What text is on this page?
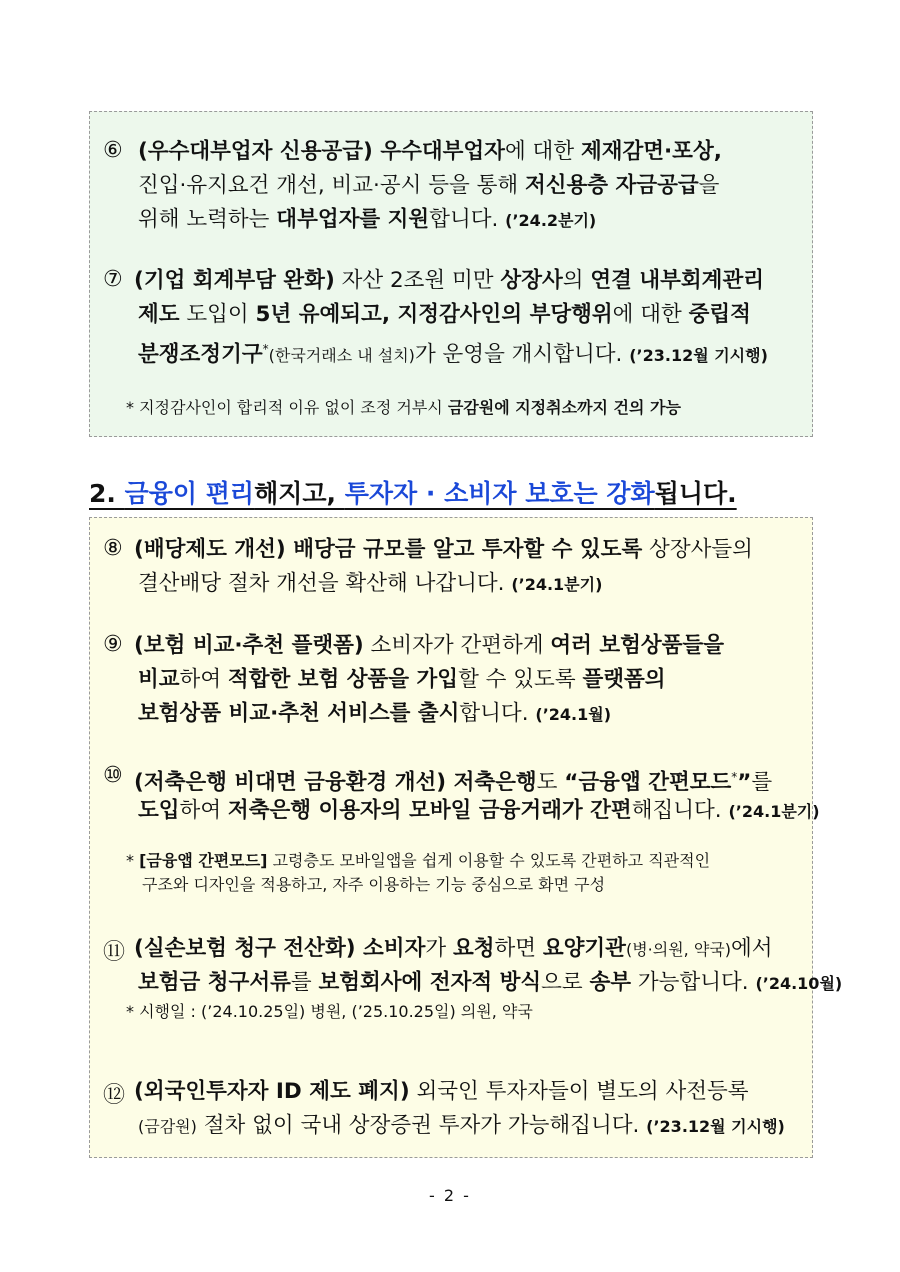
⑥ (우수대부업자 신용공급) 우수대부업자에 대한 제재감면·포상,
진입·유지요건 개선, 비교·공시 등을 통해 저신용층 자금공급을
위해 노력하는 대부업자를 지원합니다. (’24.2분기)
⑦ (기업 회계부담 완화) 자산 2조원 미만 상장사의 연결 내부회계관리
제도 도입이 5년 유예되고, 지정감사인의 부당행위에 대한 중립적
분쟁조정기구*(한국거래소 내 설치)가 운영을 개시합니다. (’23.12월 기시행)
* 지정감사인이 합리적 이유 없이 조정 거부시 금감원에 지정취소까지 건의 가능
2. 금융이 편리해지고, 투자자 · 소비자 보호는 강화됩니다.
⑧ (배당제도 개선) 배당금 규모를 알고 투자할 수 있도록 상장사들의
결산배당 절차 개선을 확산해 나갑니다. (’24.1분기)
⑨ (보험 비교·추천 플랫폼) 소비자가 간편하게 여러 보험상품들을
비교하여 적합한 보험 상품을 가입할 수 있도록 플랫폼의
보험상품 비교·추천 서비스를 출시합니다. (’24.1월)
⑩ (저축은행 비대면 금융환경 개선) 저축은행도 “금융앱 간편모드*”를
도입하여 저축은행 이용자의 모바일 금융거래가 간편해집니다. (’24.1분기)
* [금융앱 간편모드] 고령층도 모바일앱을 쉽게 이용할 수 있도록 간편하고 직관적인
구조와 디자인을 적용하고, 자주 이용하는 기능 중심으로 화면 구성
⑪ (실손보험 청구 전산화) 소비자가 요청하면 요양기관(병·의원, 약국)에서
보험금 청구서류를 보험회사에 전자적 방식으로 송부 가능합니다. (’24.10월)
* 시행일 : (’24.10.25일) 병원, (’25.10.25일) 의원, 약국
⑫ (외국인투자자 ID 제도 폐지) 외국인 투자자들이 별도의 사전등록
(금감원) 절차 없이 국내 상장증권 투자가 가능해집니다. (’23.12월 기시행)
- 2 -
